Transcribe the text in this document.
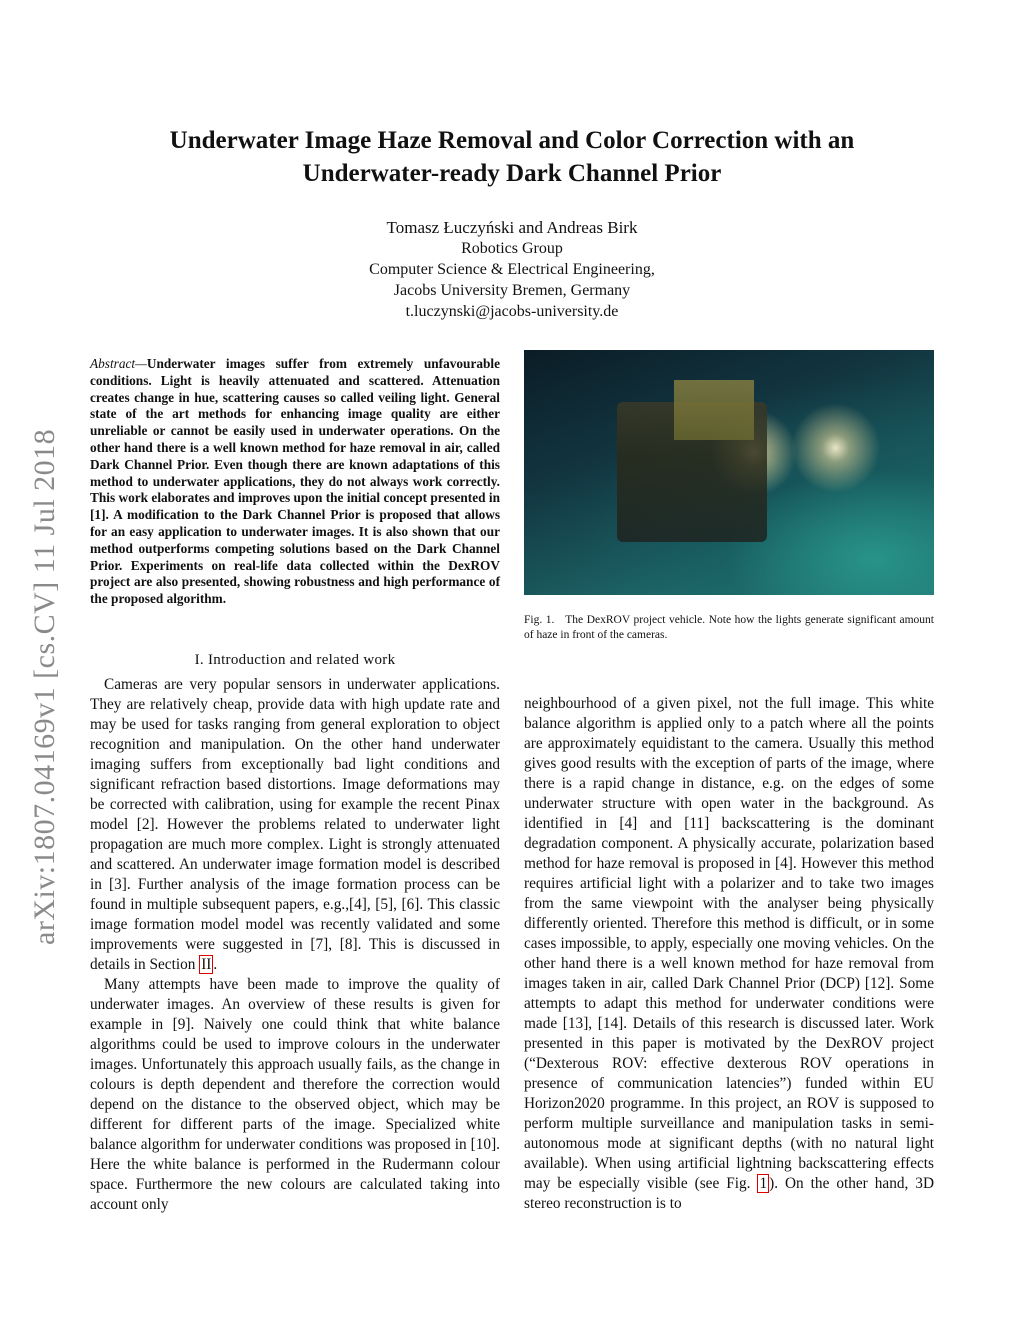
arXiv:1807.04169v1 [cs.CV] 11 Jul 2018
Underwater Image Haze Removal and Color Correction with an
Underwater-ready Dark Channel Prior
Tomasz Łuczyński and Andreas Birk
Robotics Group
Computer Science & Electrical Engineering,
Jacobs University Bremen, Germany
t.luczynski@jacobs-university.de
Abstract—Underwater images suffer from extremely unfavourable conditions. Light is heavily attenuated and scattered. Attenuation creates change in hue, scattering causes so called veiling light. General state of the art methods for enhancing image quality are either unreliable or cannot be easily used in underwater operations. On the other hand there is a well known method for haze removal in air, called Dark Channel Prior. Even though there are known adaptations of this method to underwater applications, they do not always work correctly. This work elaborates and improves upon the initial concept presented in [1]. A modification to the Dark Channel Prior is proposed that allows for an easy application to underwater images. It is also shown that our method outperforms competing solutions based on the Dark Channel Prior. Experiments on real-life data collected within the DexROV project are also presented, showing robustness and high performance of the proposed algorithm.
Fig. 1. The DexROV project vehicle. Note how the lights generate significant amount of haze in front of the cameras.
I. Introduction and related work

Cameras are very popular sensors in underwater applications. They are relatively cheap, provide data with high update rate and may be used for tasks ranging from general exploration to object recognition and manipulation. On the other hand underwater imaging suffers from exceptionally bad light conditions and significant refraction based distortions. Image deformations may be corrected with calibration, using for example the recent Pinax model [2]. However the problems related to underwater light propagation are much more complex. Light is strongly attenuated and scattered. An underwater image formation model is described in [3]. Further analysis of the image formation process can be found in multiple subsequent papers, e.g.,[4], [5], [6]. This classic image formation model model was recently validated and some improvements were suggested in [7], [8]. This is discussed in details in Section II .

Many attempts have been made to improve the quality of underwater images. An overview of these results is given for example in [9]. Naively one could think that white balance algorithms could be used to improve colours in the underwater images. Unfortunately this approach usually fails, as the change in colours is depth dependent and therefore the correction would depend on the distance to the observed object, which may be different for different parts of the image. Specialized white balance algorithm for underwater conditions was proposed in [10]. Here the white balance is performed in the Rudermann colour space. Furthermore the new colours are calculated taking into account only

neighbourhood of a given pixel, not the full image. This white balance algorithm is applied only to a patch where all the points are approximately equidistant to the camera. Usually this method gives good results with the exception of parts of the image, where there is a rapid change in distance, e.g. on the edges of some underwater structure with open water in the background. As identified in [4] and [11] backscattering is the dominant degradation component. A physically accurate, polarization based method for haze removal is proposed in [4]. However this method requires artificial light with a polarizer and to take two images from the same viewpoint with the analyser being physically differently oriented. Therefore this method is difficult, or in some cases impossible, to apply, especially one moving vehicles. On the other hand there is a well known method for haze removal from images taken in air, called Dark Channel Prior (DCP) [12]. Some attempts to adapt this method for underwater conditions were made [13], [14]. Details of this research is discussed later. Work presented in this paper is motivated by the DexROV project (“Dexterous ROV: effective dexterous ROV operations in presence of communication latencies”) funded within EU Horizon2020 programme. In this project, an ROV is supposed to perform multiple surveillance and manipulation tasks in semi-autonomous mode at significant depths (with no natural light available). When using artificial lightning backscattering effects may be especially visible (see Fig. 1 ). On the other hand, 3D stereo reconstruction is to
